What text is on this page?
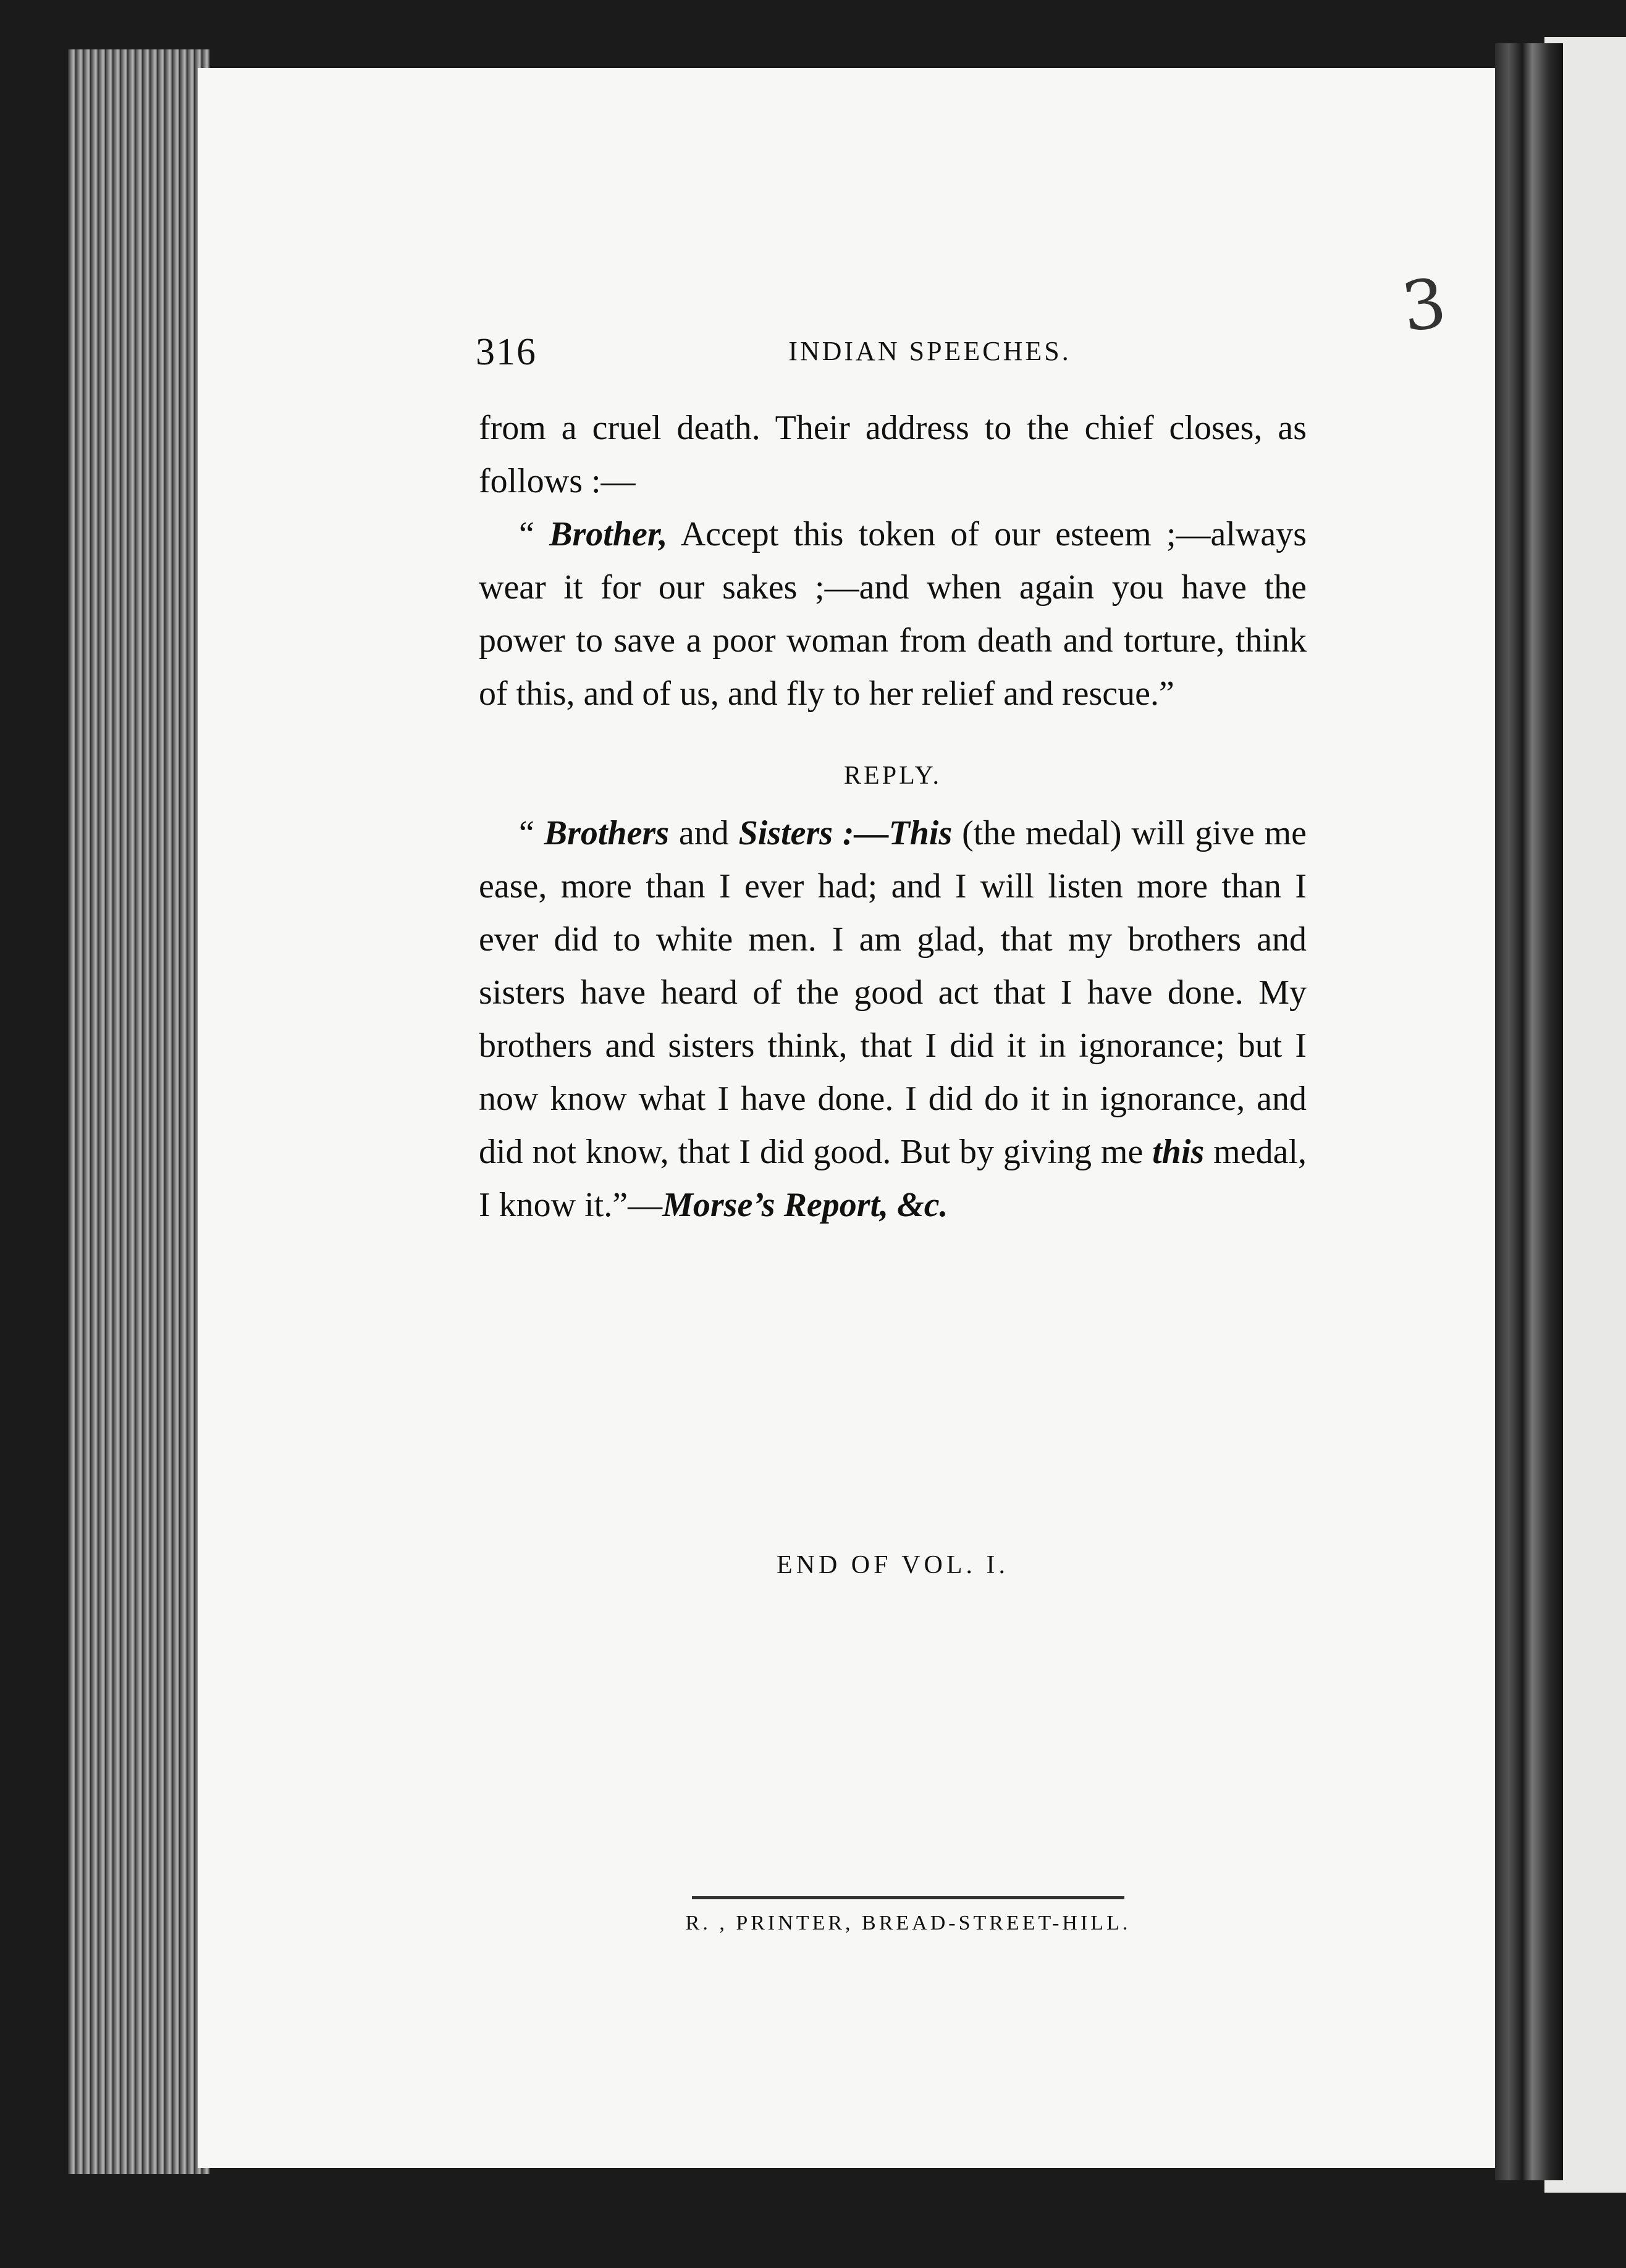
3
316	INDIAN SPEECHES.

from a cruel death. Their address to the chief closes, as follows :—

“ Brother, Accept this token of our esteem ;—always wear it for our sakes ;—and when again you have the power to save a poor woman from death and torture, think of this, and of us, and fly to her relief and rescue.”

REPLY.

“ Brothers and Sisters :—This (the medal) will give me ease, more than I ever had; and I will listen more than I ever did to white men. I am glad, that my brothers and sisters have heard of the good act that I have done. My brothers and sisters think, that I did it in ignorance; but I now know what I have done. I did do it in ignorance, and did not know, that I did good. But by giving me this medal, I know it.”—Morse’s Report, &c.

END OF VOL. I.
R. , PRINTER, BREAD-STREET-HILL.
